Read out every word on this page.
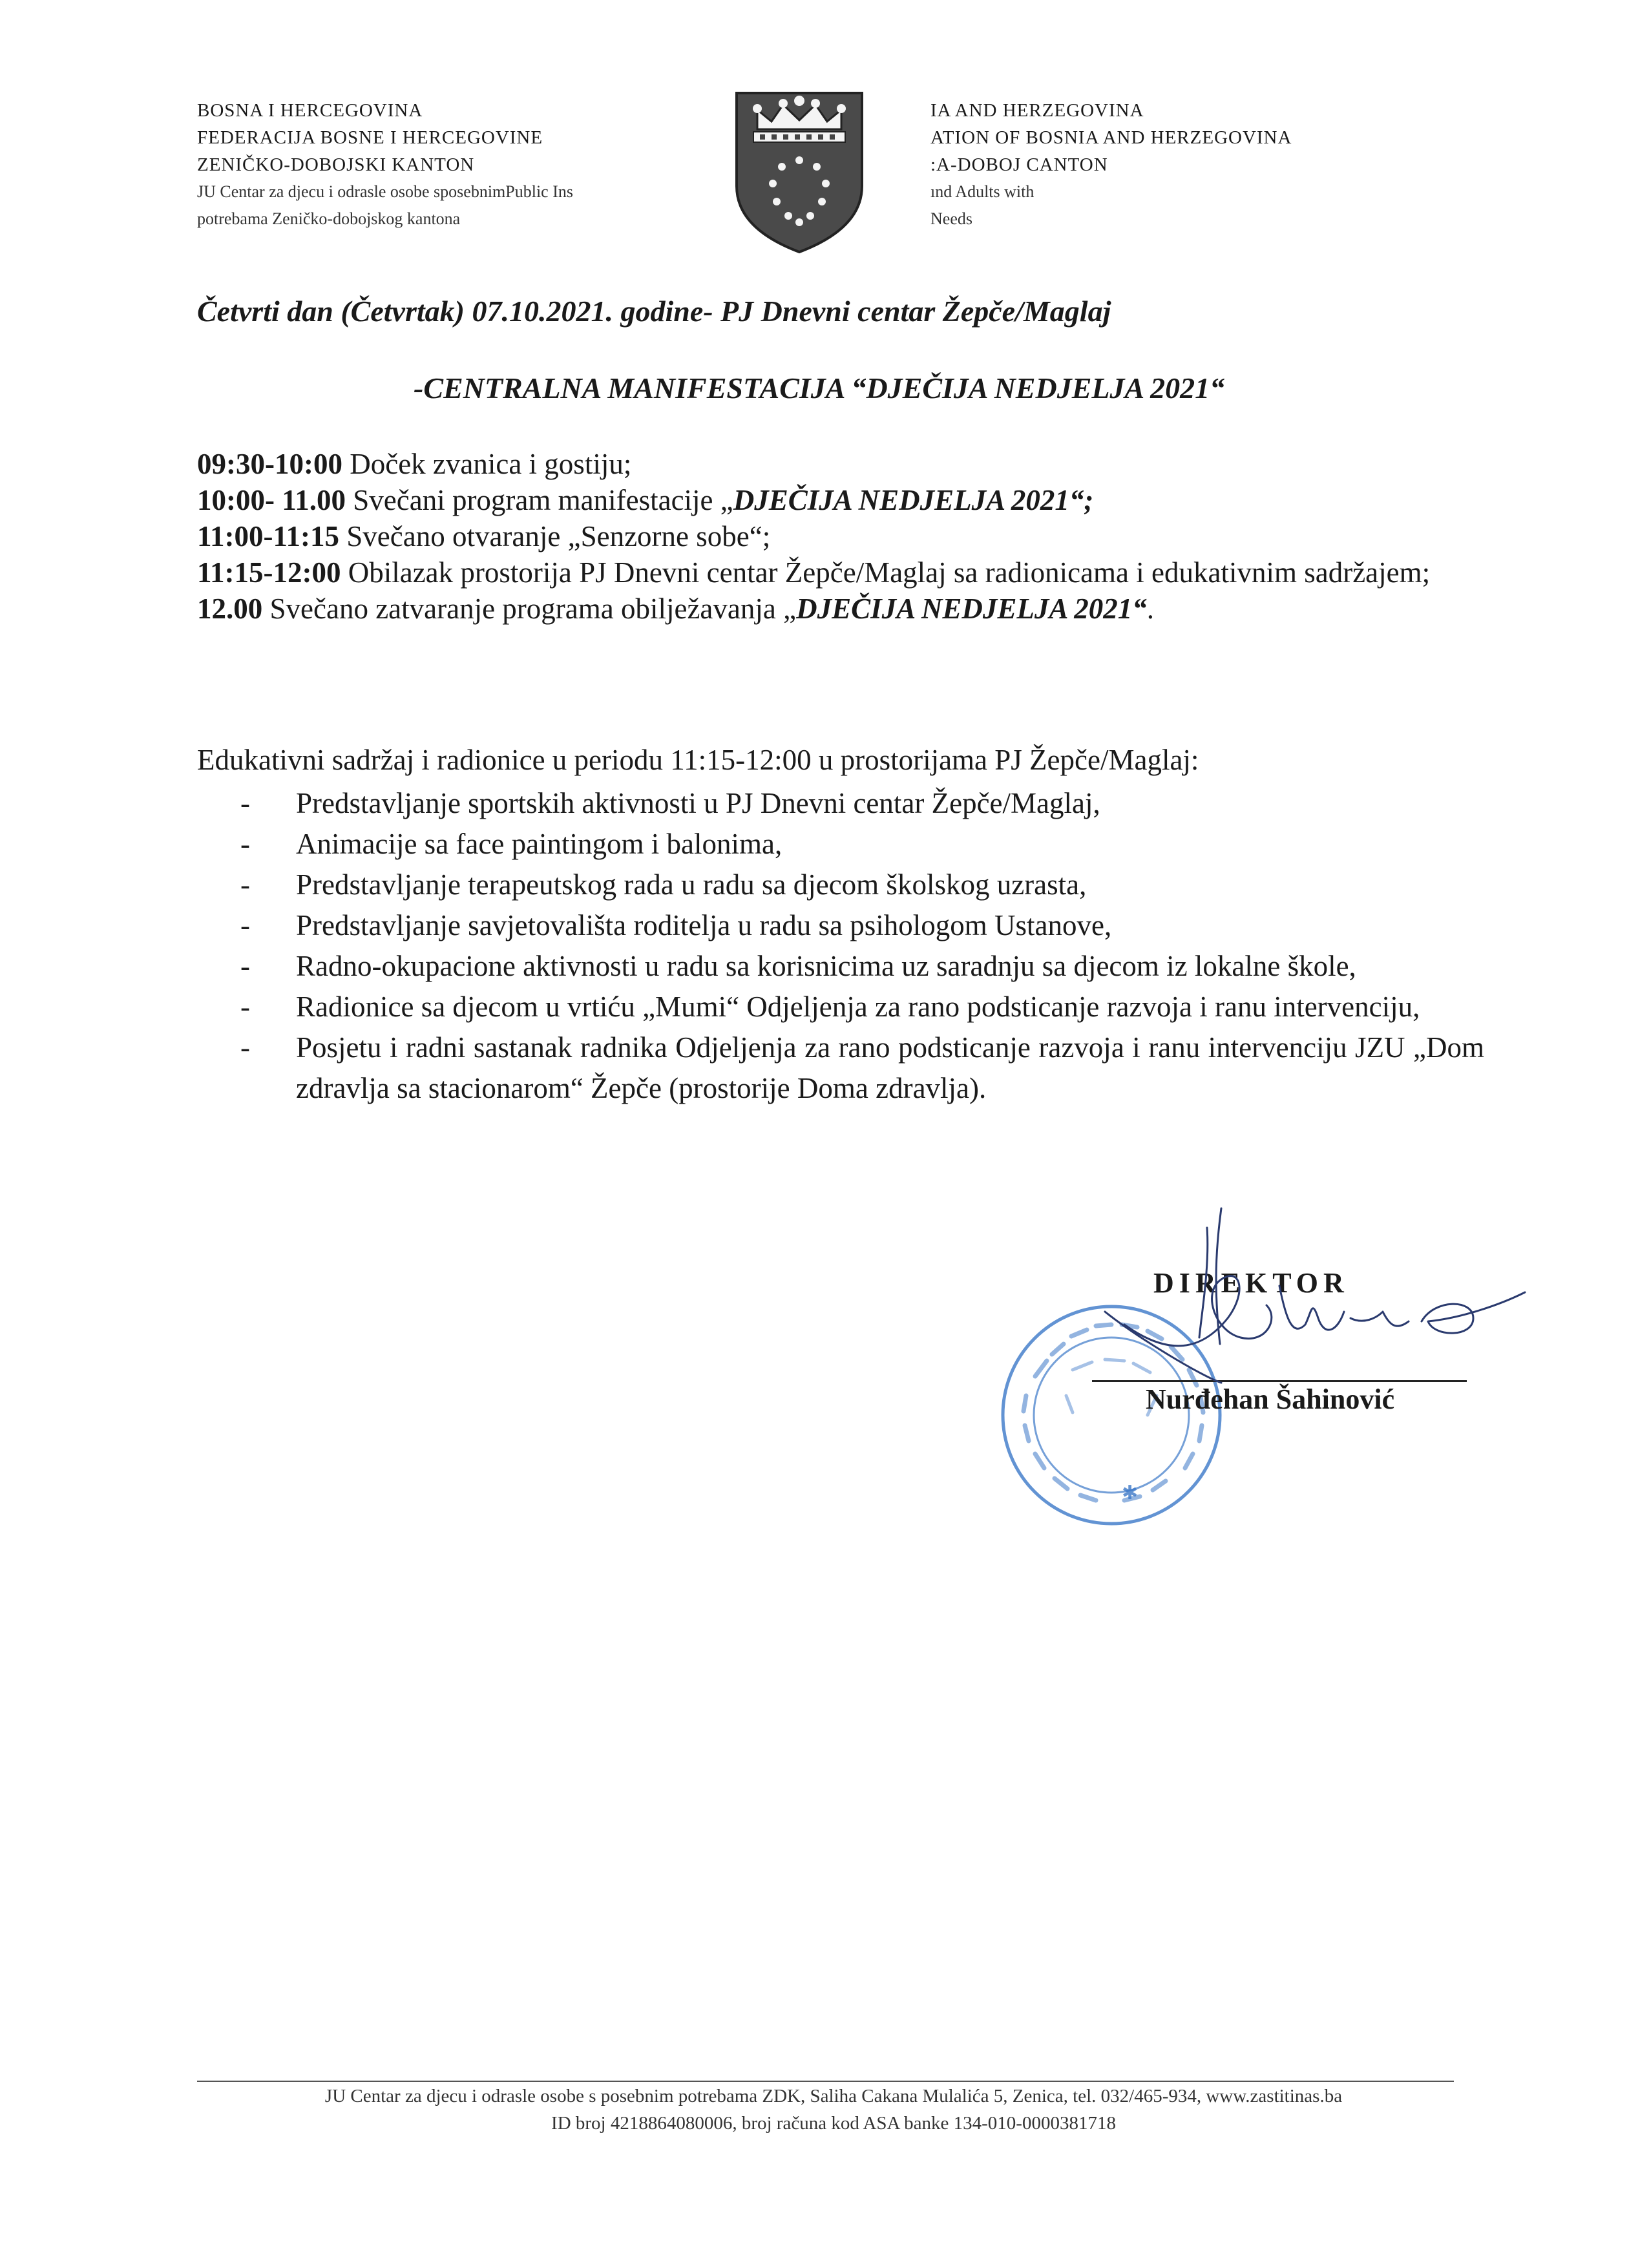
BOSNA I HERCEGOVINA
FEDERACIJA BOSNE I HERCEGOVINE
ZENIČKO-DOBOJSKI KANTON
JU Centar za djecu i odrasle osobe sposebnimPublic Ins
potrebama Zeničko-dobojskog kantona
IA AND HERZEGOVINA
ATION OF BOSNIA AND HERZEGOVINA
:A-DOBOJ CANTON
ınd Adults with
Needs
Četvrti dan (Četvrtak) 07.10.2021. godine- PJ Dnevni centar Žepče/Maglaj
-CENTRALNA MANIFESTACIJA “DJEČIJA NEDJELJA 2021“

09:30-10:00 Doček zvanica i gostiju;

10:00- 11.00 Svečani program manifestacije „DJEČIJA NEDJELJA 2021“;

11:00-11:15 Svečano otvaranje „Senzorne sobe“;

11:15-12:00 Obilazak prostorija PJ Dnevni centar Žepče/Maglaj sa radionicama i edukativnim sadržajem;

12.00 Svečano zatvaranje programa obilježavanja „DJEČIJA NEDJELJA 2021“.

Edukativni sadržaj i radionice u periodu 11:15-12:00 u prostorijama PJ Žepče/Maglaj:
-	Predstavljanje sportskih aktivnosti u PJ Dnevni centar Žepče/Maglaj,
-	Animacije sa face paintingom i balonima,
-	Predstavljanje terapeutskog rada u radu sa djecom školskog uzrasta,
-	Predstavljanje savjetovališta roditelja u radu sa psihologom Ustanove,
-	Radno-okupacione aktivnosti u radu sa korisnicima uz saradnju sa djecom iz lokalne škole,
-	Radionice sa djecom u vrtiću „Mumi“ Odjeljenja za rano podsticanje razvoja i ranu intervenciju,
-	Posjetu i radni sastanak radnika Odjeljenja za rano podsticanje razvoja i ranu intervenciju JZU „Dom zdravlja sa stacionarom“ Žepče (prostorije Doma zdravlja).
✱
DIREKTOR
Nurđehan Šahinović
JU Centar za djecu i odrasle osobe s posebnim potrebama ZDK, Saliha Cakana Mulalića 5, Zenica, tel. 032/465-934, www.zastitinas.ba
ID broj 4218864080006, broj računa kod ASA banke 134-010-0000381718
